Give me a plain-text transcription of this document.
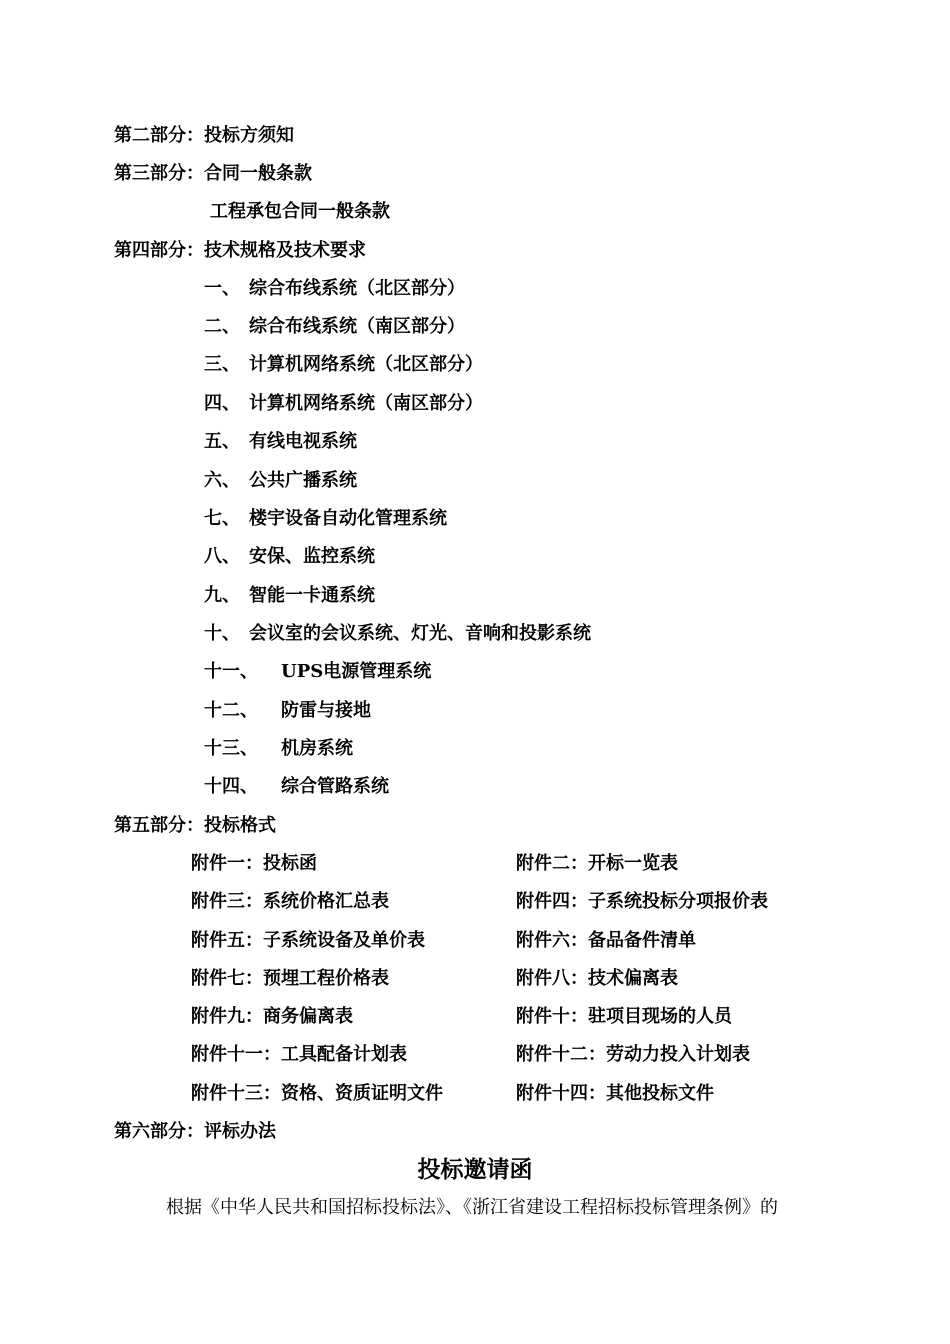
第二部分：投标方须知
第三部分：合同一般条款
工程承包合同一般条款
第四部分：技术规格及技术要求
一、 综合布线系统（北区部分）
二、 综合布线系统（南区部分）
三、 计算机网络系统（北区部分）
四、 计算机网络系统（南区部分）
五、 有线电视系统
六、 公共广播系统
七、 楼宇设备自动化管理系统
八、 安保、监控系统
九、 智能一卡通系统
十、 会议室的会议系统、灯光、音响和投影系统
十一、 UPS电源管理系统
十二、 防雷与接地
十三、 机房系统
十四、 综合管路系统
第五部分：投标格式
附件一：投标函	附件二：开标一览表
附件三：系统价格汇总表	附件四：子系统投标分项报价表
附件五：子系统设备及单价表	附件六：备品备件清单
附件七：预埋工程价格表	附件八：技术偏离表
附件九：商务偏离表	附件十：驻项目现场的人员
附件十一：工具配备计划表	附件十二：劳动力投入计划表
附件十三：资格、资质证明文件	附件十四：其他投标文件
第六部分：评标办法
投标邀请函
根据《中华人民共和国招标投标法》、《浙江省建设工程招标投标管理条例》的
